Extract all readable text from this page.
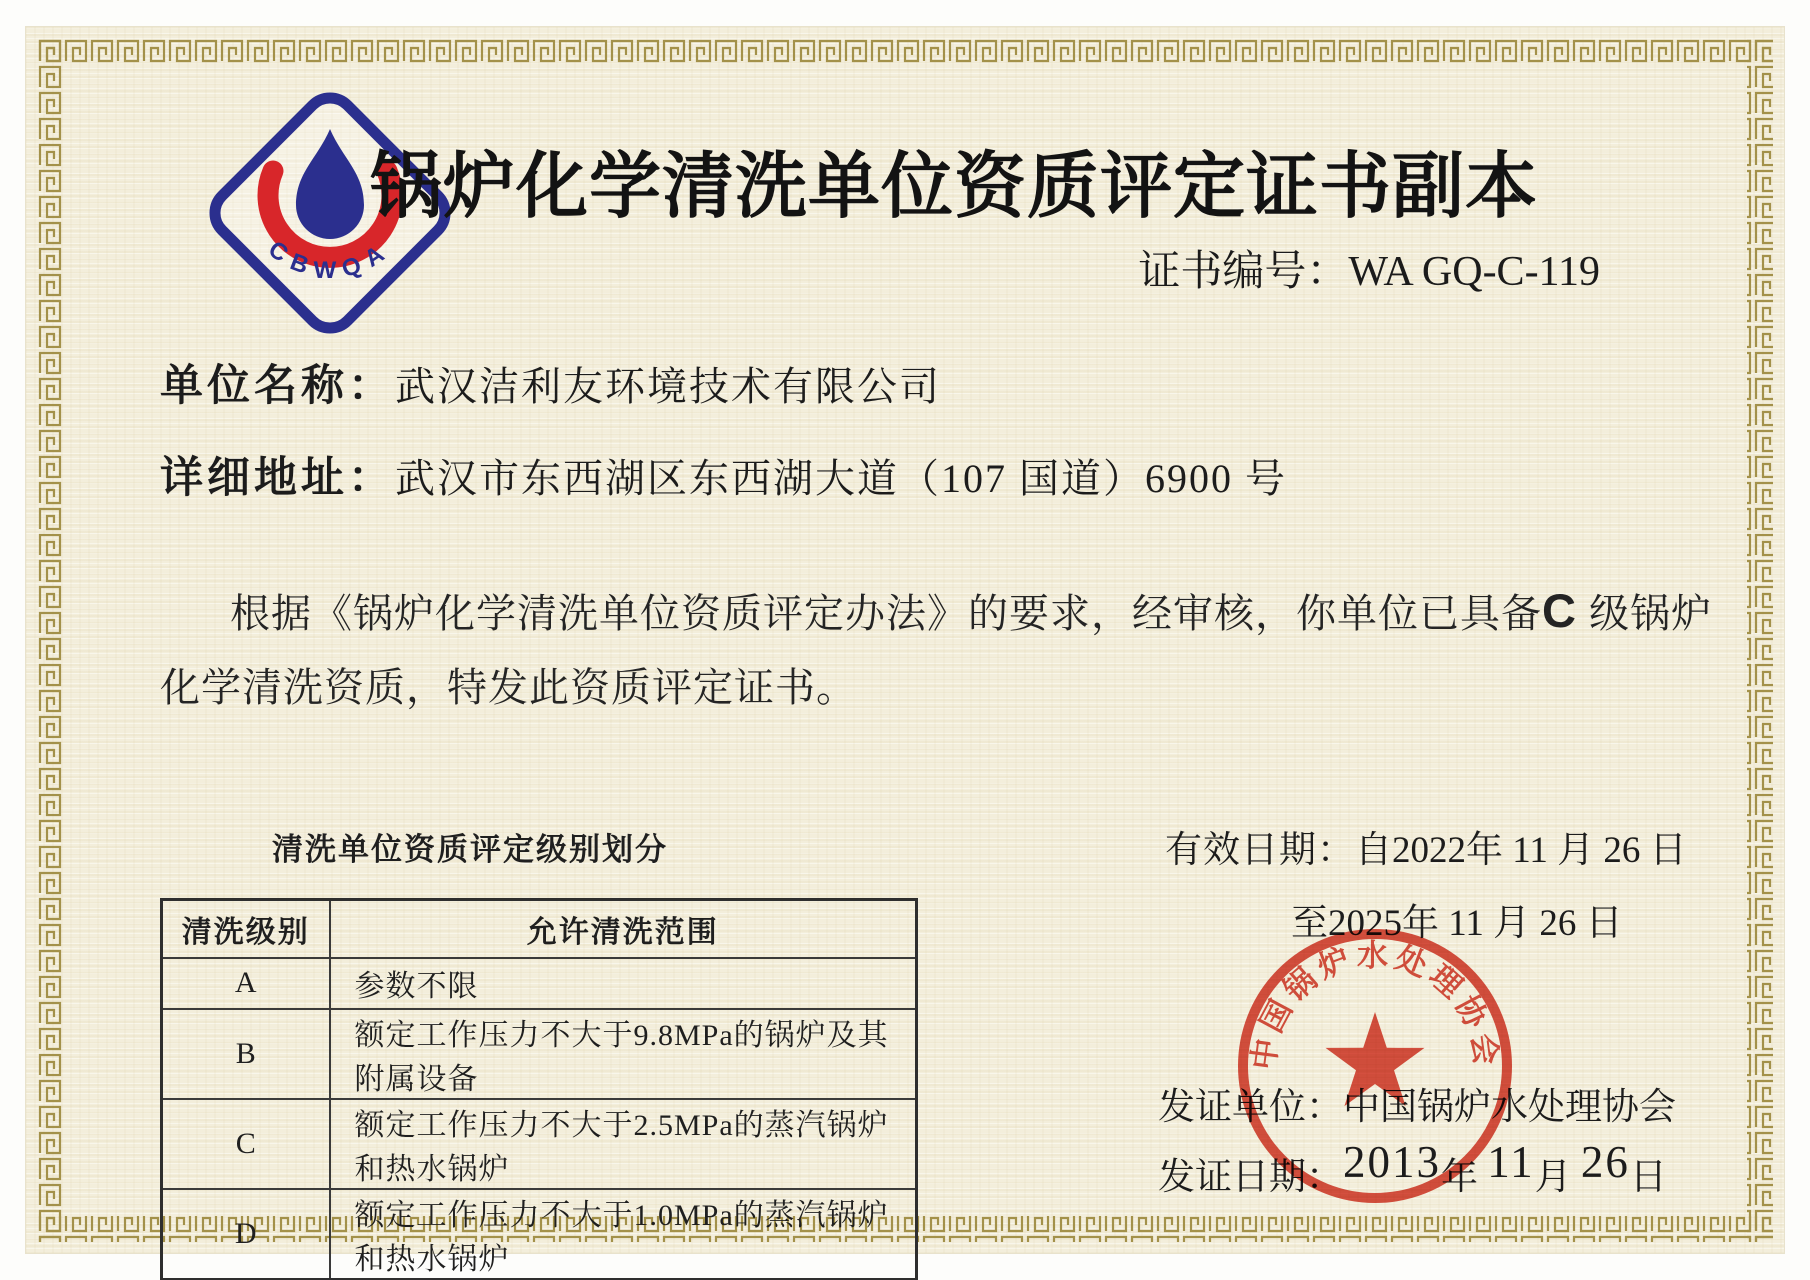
CBWQA
锅炉化学清洗单位资质评定证书副本
证书编号：WA GQ-C-119
单位名称：武汉洁利友环境技术有限公司
详细地址：武汉市东西湖区东西湖大道（107 国道）6900 号
根据《锅炉化学清洗单位资质评定办法》的要求，经审核，你单位已具备C 级锅炉化学清洗资质，特发此资质评定证书。
清洗单位资质评定级别划分
清洗级别	允许清洗范围
A	参数不限
B	额定工作压力不大于9.8MPa的锅炉及其附属设备
C	额定工作压力不大于2.5MPa的蒸汽锅炉和热水锅炉
D	额定工作压力不大于1.0MPa的蒸汽锅炉和热水锅炉
有效日期：自2022年 11 月 26 日
至2025年 11 月 26 日
发证单位：中国锅炉水处理协会
发证日期：2013年 11月 26日
中国锅炉水处理协会
